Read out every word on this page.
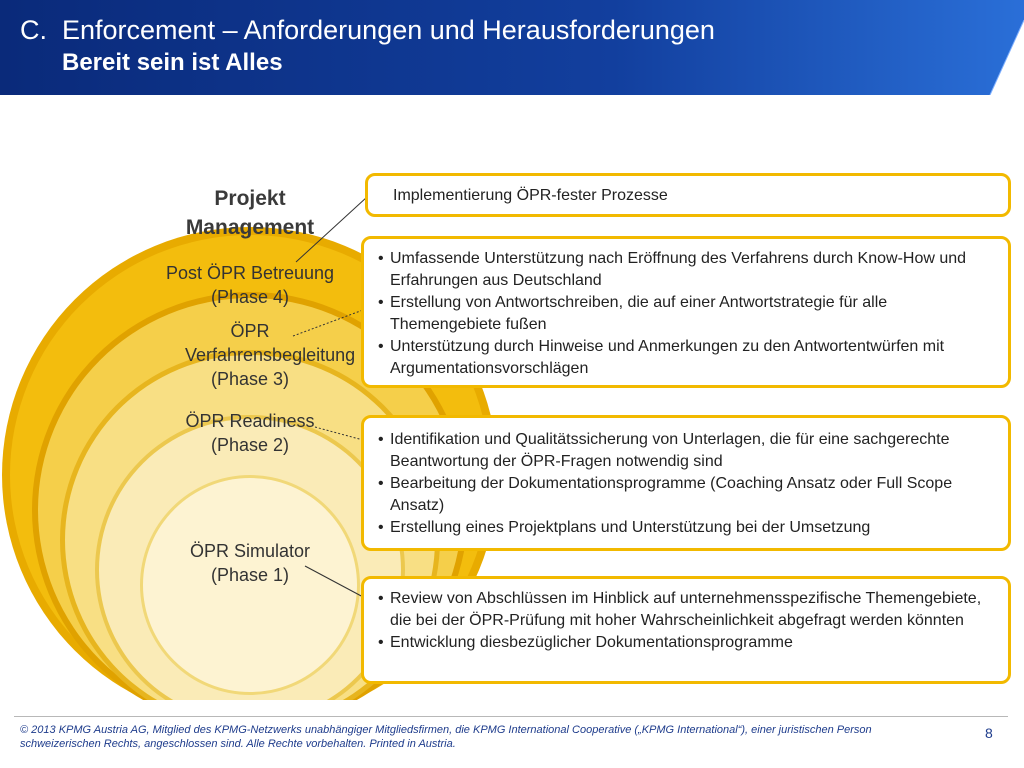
C. Enforcement – Anforderungen und Herausforderungen
Bereit sein ist Alles
Projekt Management
Post ÖPR Betreuung
(Phase 4)
ÖPR Verfahrensbegleitung
(Phase 3)
ÖPR Readiness
(Phase 2)
ÖPR Simulator
(Phase 1)
Implementierung ÖPR-fester Prozesse
• Umfassende Unterstützung nach Eröffnung des Verfahrens durch Know-How und Erfahrungen aus Deutschland
• Erstellung von Antwortschreiben, die auf einer Antwortstrategie für alle Themengebiete fußen
• Unterstützung durch Hinweise und Anmerkungen zu den Antwortentwürfen mit Argumentationsvorschlägen
• Identifikation und Qualitätssicherung von Unterlagen, die für eine sachgerechte Beantwortung der ÖPR-Fragen notwendig sind
• Bearbeitung der Dokumentationsprogramme (Coaching Ansatz oder Full Scope Ansatz)
• Erstellung eines Projektplans und Unterstützung bei der Umsetzung
• Review von Abschlüssen im Hinblick auf unternehmensspezifische Themengebiete, die bei der ÖPR-Prüfung mit hoher Wahrscheinlichkeit abgefragt werden könnten
• Entwicklung diesbezüglicher Dokumentationsprogramme
© 2013 KPMG Austria AG, Mitglied des KPMG-Netzwerks unabhängiger Mitgliedsfirmen, die KPMG International Cooperative („KPMG International“), einer juristischen Person schweizerischen Rechts, angeschlossen sind. Alle Rechte vorbehalten. Printed in Austria.
8
